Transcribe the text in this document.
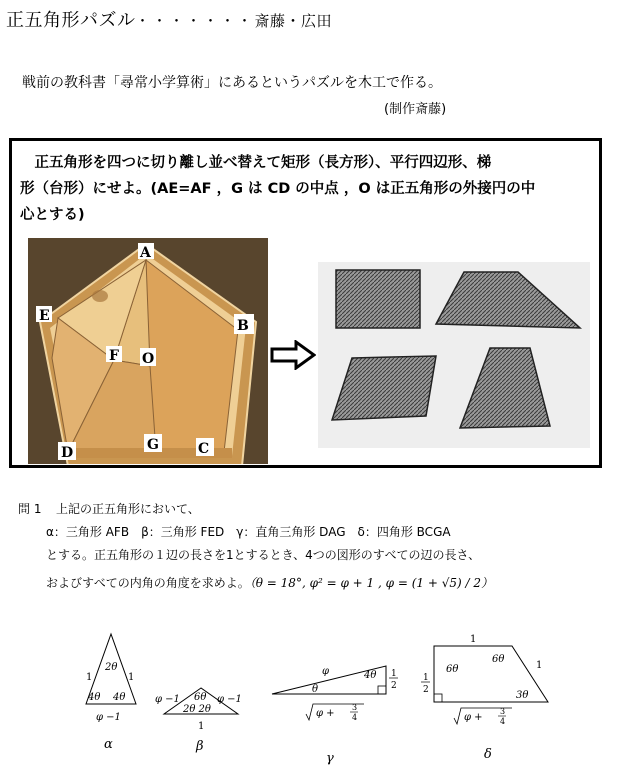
正五角形パズル・・・・・・・斎藤・広田
戦前の教科書「尋常小学算術」にあるというパズルを木工で作る。
(制作斎藤)
　正五角形を四つに切り離し並べ替えて矩形（長方形）、平行四辺形、梯
形（台形）にせよ。(AE=AF ，G は CD の中点 ，O は正五角形の外接円の中
心とする)
A
B
E
F O
D	G	C
問 1 上記の正五角形において、
α：三角形 AFB　β：三角形 FED　γ：直角三角形 DAG　δ：四角形 BCGA
とする。正五角形の１辺の長さを1とするとき、4つの図形のすべての辺の長さ、
およびすべての内角の角度を求めよ。（θ = 18°, φ² = φ + 1 , φ = (1 + √5) / 2）
2θ
4θ 4θ
1	1
φ −1
α
φ −1 6θ φ −1
2θ 2θ
1
β
φ	4θ
θ
1
2
φ +
3
4
γ
1
1
1
2
6θ
6θ
3θ
φ +
3
4
δ
